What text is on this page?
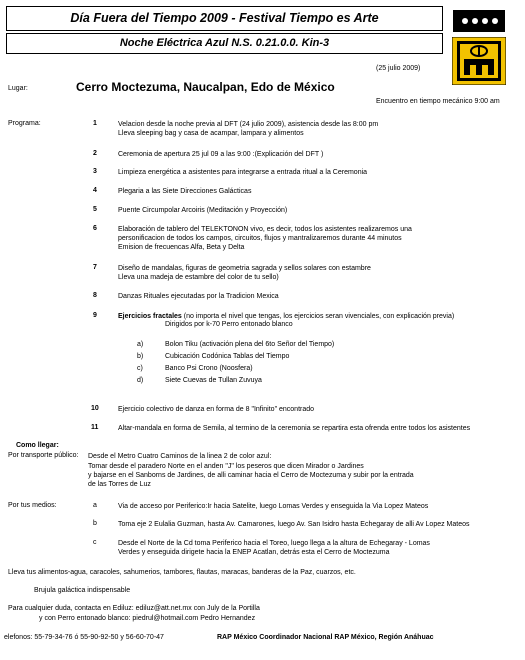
Día Fuera del Tiempo 2009 - Festival Tiempo es Arte
Noche Eléctrica Azul N.S. 0.21.0.0. Kin-3
(25 julio 2009)
Lugar:	Cerro Moctezuma, Naucalpan, Edo de México
Encuentro en tiempo mecánico 9:00 am
Programa:	1	Velacion desde la noche previa al DFT (24 julio 2009), asistencia desde las 8:00 pm
Lleva sleeping bag y casa de acampar, lampara y alimentos
2	Ceremonia de apertura 25 jul 09 a las 9:00 :(Explicación del DFT )
3	Limpieza energética a asistentes para integrarse a entrada ritual a la Ceremonia
4	Plegaria a las Siete Direcciones Galácticas
5	Puente Circumpolar Arcoiris (Meditación y Proyección)
6	Elaboración de tablero del TELEKTONON vivo, es decir, todos los asistentes realizaremos una
personificacion de todos los campos, circuitos, flujos y mantralizaremos durante 44 minutos
Emision de frecuencas Alfa, Beta y Delta
7	Diseño de mandalas, figuras de geometria sagrada y sellos solares con estambre
Lleva una madeja de estambre del color de tu sello)
8	Danzas Rituales ejecutadas por la Tradicion Mexica
9	Ejercicios fractales (no importa el nivel que tengas, los ejercicios seran vivenciales, con explicación previa)
Dirigidos por k-70 Perro entonado blanco
a)	Bolon Tiku (activación plena del 6to Señor del Tiempo)
b)	Cubicación Codónica Tablas del Tiempo
c)	Banco Psi Crono (Noosfera)
d)	Siete Cuevas de Tullan Zuvuya
10	Ejercicio colectivo de danza en forma de 8 "Infinito" encontrado
11	Altar-mandala en forma de Semila, al termino de la ceremonia se repartira esta ofrenda entre todos los asistentes
Como llegar:
Por transporte público: Desde el Metro Cuatro Caminos de la linea 2 de color azul:
Tomar desde el paradero Norte en el anden "J" los peseros que dicen Mirador o Jardines
y bajarse en el Sanborns de Jardines, de alli caminar hacia el Cerro de Moctezuma y subir por la entrada
de las Torres de Luz
Por tus medios:	a	Via de acceso por Periferico:Ir hacia Satelite, luego Lomas Verdes y enseguida la Via Lopez Mateos
b	Toma eje 2 Eulalia Guzman, hasta Av. Camarones, luego Av. San Isidro hasta Echegaray de alli Av Lopez Mateos
c	Desde el Norte de la Cd toma Periferico hacia el Toreo, luego llega a la altura de Echegaray - Lomas
Verdes y enseguida dirigete hacia la ENEP Acatlan, detrás esta el Cerro de Moctezuma
Lleva tus alimentos-agua, caracoles, sahumerios, tambores, flautas, maracas, banderas de la Paz, cuarzos, etc.
Brujula galáctica indispensable
Para cualquier duda, contacta en Ediluz: ediluz@att.net.mx con July de la Portilla
y con Perro entonado blanco: piedrul@hotmail.com Pedro Hernandez
elefonos: 55-79-34-76 ó 55-90-92-50 y 56-60-70-47	RAP México Coordinador Nacional RAP México, Región Anáhuac
